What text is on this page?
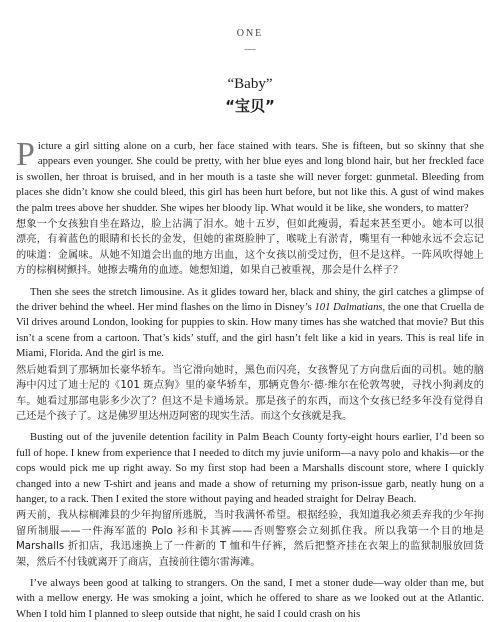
ONE
—
“Baby”
“宝贝”

Picture a girl sitting alone on a curb, her face stained with tears. She is fifteen, but so skinny that she appears even younger. She could be pretty, with her blue eyes and long blond hair, but her freckled face is swollen, her throat is bruised, and in her mouth is a taste she will never forget: gunmetal. Bleeding from places she didn’t know she could bleed, this girl has been hurt before, but not like this. A gust of wind makes the palm trees above her shudder. She wipes her bloody lip. What would it be like, she wonders, to matter?

想象一个女孩独自坐在路边，脸上沾满了泪水。她十五岁，但如此瘦弱，看起来甚至更小。她本可以很漂亮，有着蓝色的眼睛和长长的金发，但她的雀斑脸肿了，喉咙上有淤青，嘴里有一种她永远不会忘记的味道：金属味。从她不知道会出血的地方出血，这个女孩以前受过伤，但不是这样。一阵风吹得她上方的棕榈树颤抖。她擦去嘴角的血迹。她想知道，如果自己被重视，那会是什么样子？

Then she sees the stretch limousine. As it glides toward her, black and shiny, the girl catches a glimpse of the driver behind the wheel. Her mind flashes on the limo in Disney’s 101 Dalmatians, the one that Cruella de Vil drives around London, looking for puppies to skin. How many times has she watched that movie? But this isn’t a scene from a cartoon. That’s kids’ stuff, and the girl hasn’t felt like a kid in years. This is real life in Miami, Florida. And the girl is me.

然后她看到了那辆加长豪华轿车。当它滑向她时，黑色而闪亮，女孩瞥见了方向盘后面的司机。她的脑海中闪过了迪士尼的《101 斑点狗》里的豪华轿车，那辆克鲁尔·德·维尔在伦敦驾驶，寻找小狗剥皮的车。她看过那部电影多少次了？但这不是卡通场景。那是孩子的东西，而这个女孩已经多年没有觉得自己还是个孩子了。这是佛罗里达州迈阿密的现实生活。而这个女孩就是我。

Busting out of the juvenile detention facility in Palm Beach County forty-eight hours earlier, I’d been so full of hope. I knew from experience that I needed to ditch my juvie uniform—a navy polo and khakis—or the cops would pick me up right away. So my first stop had been a Marshalls discount store, where I quickly changed into a new T-shirt and jeans and made a show of returning my prison-issue garb, neatly hung on a hanger, to a rack. Then I exited the store without paying and headed straight for Delray Beach.

两天前，我从棕榈滩县的少年拘留所逃脱，当时我满怀希望。根据经验，我知道我必须丢弃我的少年拘留所制服——一件海军蓝的 Polo 衫和卡其裤——否则警察会立刻抓住我。所以我第一个目的地是 Marshalls 折扣店，我迅速换上了一件新的 T 恤和牛仔裤，然后把整齐挂在衣架上的监狱制服放回货架，然后不付钱就离开了商店，直接前往德尔雷海滩。

I’ve always been good at talking to strangers. On the sand, I met a stoner dude—way older than me, but with a mellow energy. He was smoking a joint, which he offered to share as we looked out at the Atlantic. When I told him I planned to sleep outside that night, he said I could crash on his
